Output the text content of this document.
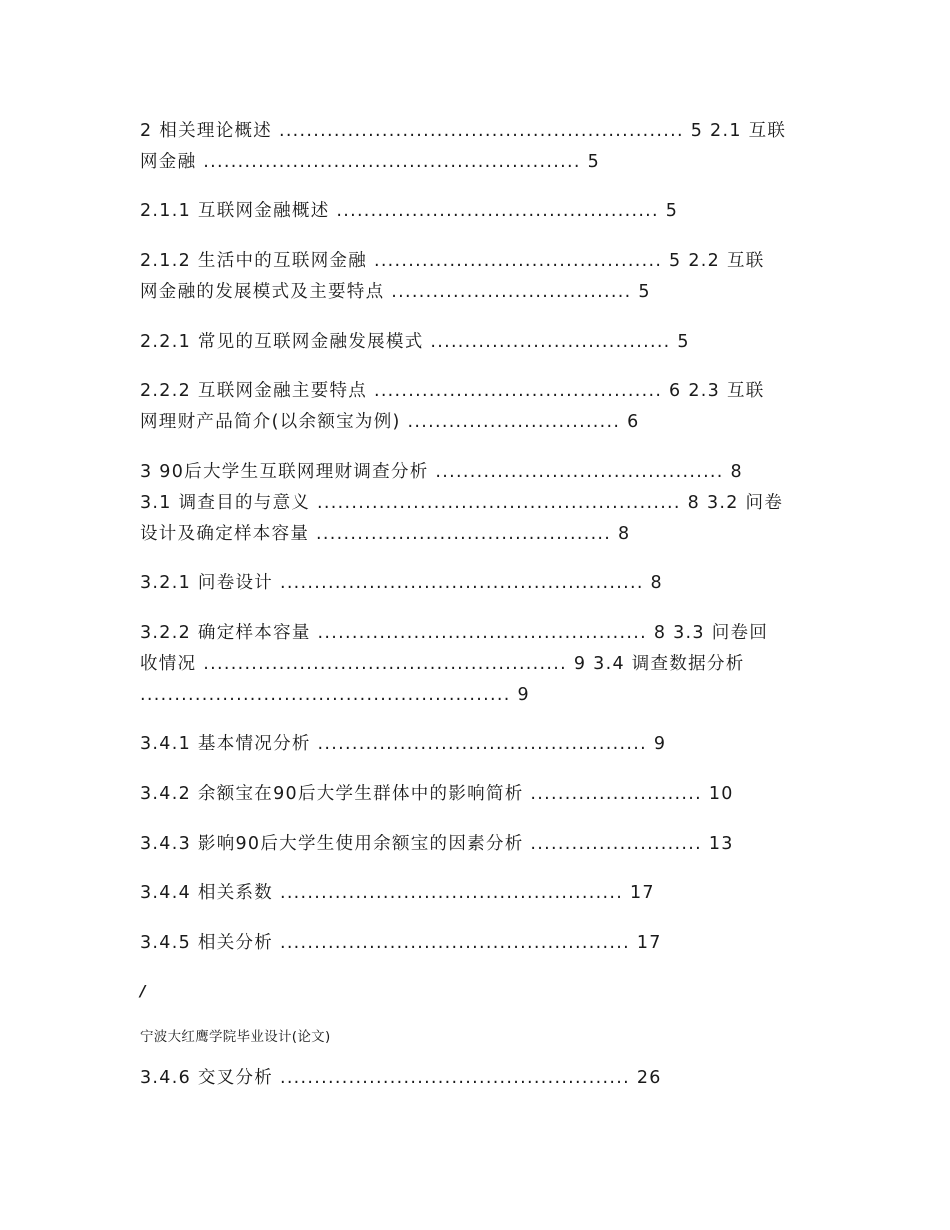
2 相关理论概述 ........................................................... 5 2.1 互联
网金融 ....................................................... 5
2.1.1 互联网金融概述 ............................................... 5
2.1.2 生活中的互联网金融 .......................................... 5 2.2 互联
网金融的发展模式及主要特点 ................................... 5
2.2.1 常见的互联网金融发展模式 ................................... 5
2.2.2 互联网金融主要特点 .......................................... 6 2.3 互联
网理财产品简介(以余额宝为例) ............................... 6
3 90后大学生互联网理财调查分析 .......................................... 8
3.1 调查目的与意义 ..................................................... 8 3.2 问卷
设计及确定样本容量 ........................................... 8
3.2.1 问卷设计 ..................................................... 8
3.2.2 确定样本容量 ................................................ 8 3.3 问卷回
收情况 ..................................................... 9 3.4 调查数据分析
...................................................... 9
3.4.1 基本情况分析 ................................................ 9
3.4.2 余额宝在90后大学生群体中的影响简析 ......................... 10
3.4.3 影响90后大学生使用余额宝的因素分析 ......................... 13
3.4.4 相关系数 .................................................. 17
3.4.5 相关分析 ................................................... 17
/
宁波大红鹰学院毕业设计(论文)
3.4.6 交叉分析 ................................................... 26
